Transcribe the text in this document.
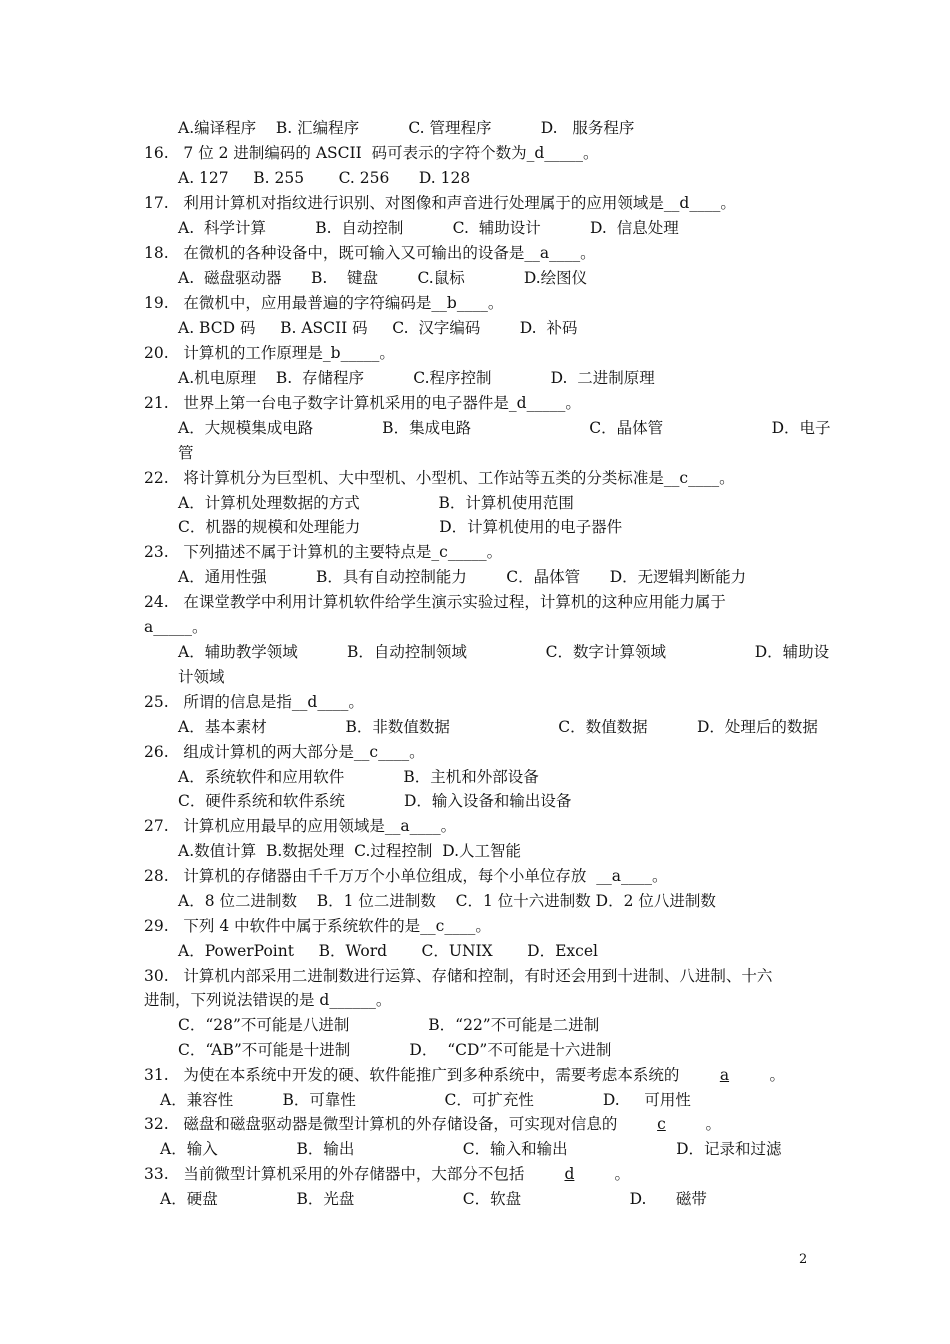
A.编译程序    B. 汇编程序          C. 管理程序          D.   服务程序
16.   7 位 2 进制编码的 ASCII  码可表示的字符个数为_d_____。
A. 127     B. 255       C. 256      D. 128
17.   利用计算机对指纹进行识别、对图像和声音进行处理属于的应用领域是__d____。
A.  科学计算          B.  自动控制          C.  辅助设计          D.  信息处理
18.   在微机的各种设备中，既可输入又可输出的设备是__a____。
A.  磁盘驱动器      B.    键盘        C.鼠标            D.绘图仪
19.   在微机中，应用最普遍的字符编码是__b____。
A. BCD 码     B. ASCII 码     C.  汉字编码        D.  补码
20.   计算机的工作原理是_b_____。
A.机电原理    B.  存储程序          C.程序控制            D.  二进制原理
21.   世界上第一台电子数字计算机采用的电子器件是_d_____。
A．大规模集成电路              B．集成电路                        C．晶体管                      D．电子
管
22.   将计算机分为巨型机、大中型机、小型机、工作站等五类的分类标准是__c____。
A．计算机处理数据的方式                B．计算机使用范围
C．机器的规模和处理能力                D．计算机使用的电子器件
23.   下列描述不属于计算机的主要特点是_c_____。
A．通用性强          B．具有自动控制能力        C．晶体管      D．无逻辑判断能力
24.   在课堂教学中利用计算机软件给学生演示实验过程，计算机的这种应用能力属于
a_____。
A．辅助教学领域          B．自动控制领域                C．数字计算领域                  D．辅助设
计领域
25.   所谓的信息是指__d____。
A．基本素材                B．非数值数据                      C．数值数据          D．处理后的数据
26.   组成计算机的两大部分是__c____。
A．系统软件和应用软件            B．主机和外部设备
C．硬件系统和软件系统            D．输入设备和输出设备
27.   计算机应用最早的应用领域是__a____。
A.数值计算  B.数据处理  C.过程控制  D.人工智能
28.   计算机的存储器由千千万万个小单位组成，每个小单位存放  __a____。
A．8 位二进制数    B．1 位二进制数    C．1 位十六进制数 D．2 位八进制数
29.   下列 4 中软件中属于系统软件的是__c____。
A．PowerPoint     B．Word       C．UNIX       D．Excel
30.   计算机内部采用二进制数进行运算、存储和控制，有时还会用到十进制、八进制、十六
进制，下列说法错误的是 d______。
C．“28”不可能是八进制                B．“22”不可能是二进制
C．“AB”不可能是十进制            D．  “CD”不可能是十六进制
31.   为使在本系统中开发的硬、软件能推广到多种系统中，需要考虑本系统的	a	。
A．兼容性          B．可靠性                  C．可扩充性              D.     可用性
32.   磁盘和磁盘驱动器是微型计算机的外存储设备，可实现对信息的	c	。
A．输入                B．输出                      C．输入和输出                      D．记录和过滤
33.   当前微型计算机采用的外存储器中，大部分不包括	d	。
A．硬盘                B．光盘                      C．软盘                      D.      磁带
2
